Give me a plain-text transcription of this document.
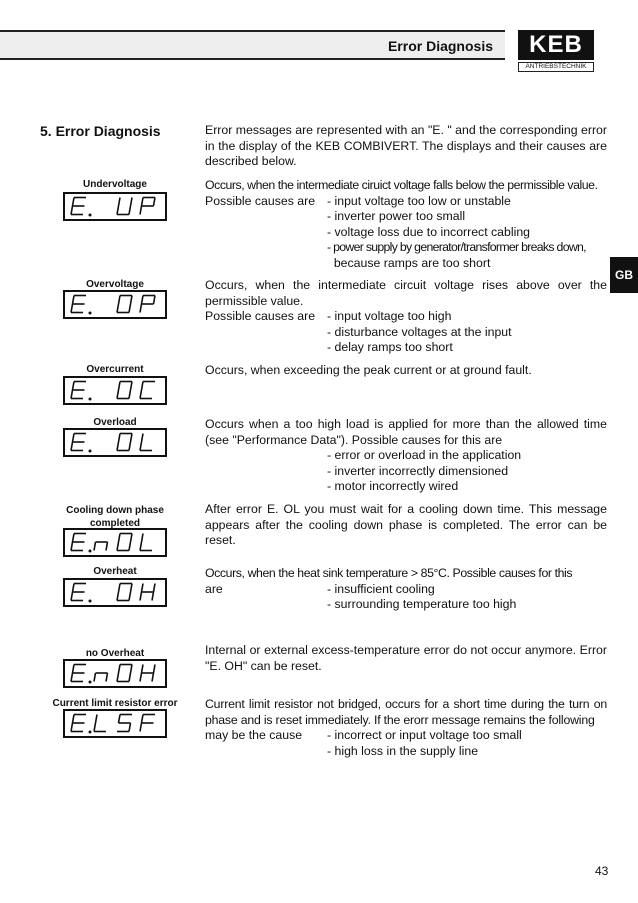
Error Diagnosis	KEB
ANTRIEBSTECHNIK
5. Error Diagnosis	Error messages are represented with an "E. " and the corresponding error in the display of the KEB COMBIVERT. The displays and their causes are described below.
GB
Undervoltage	Occurs, when the intermediate ciruict voltage falls below the permissible value.
Possible causes are - input voltage too low or unstable
- inverter power too small
- voltage loss due to incorrect cabling
- power supply by generator/transformer breaks down,
because ramps are too short
Overvoltage	Occurs, when the intermediate circuit voltage rises above over the permissible value.
Possible causes are - input voltage too high
- disturbance voltages at the input
- delay ramps too short
Overcurrent	Occurs, when exceeding the peak current or at ground fault.
Overload	Occurs when a too high load is applied for more than the allowed time (see "Performance Data"). Possible causes for this are
- error or overload in the application
- inverter incorrectly dimensioned
- motor incorrectly wired
Cooling down phase completed
After error E. OL you must wait for a cooling down time. This message appears after the cooling down phase is completed. The error can be reset.
Overheat	Occurs, when the heat sink temperature > 85°C. Possible causes for this
are	- insufficient cooling
- surrounding temperature too high
no Overheat	Internal or external excess-temperature error do not occur anymore. Error "E. OH" can be reset.
Current limit resistor error	Current limit resistor not bridged, occurs for a short time during the turn on phase and is reset immediately. If the erorr message remains the following
may be the cause	- incorrect or input voltage too small
- high loss in the supply line
43
